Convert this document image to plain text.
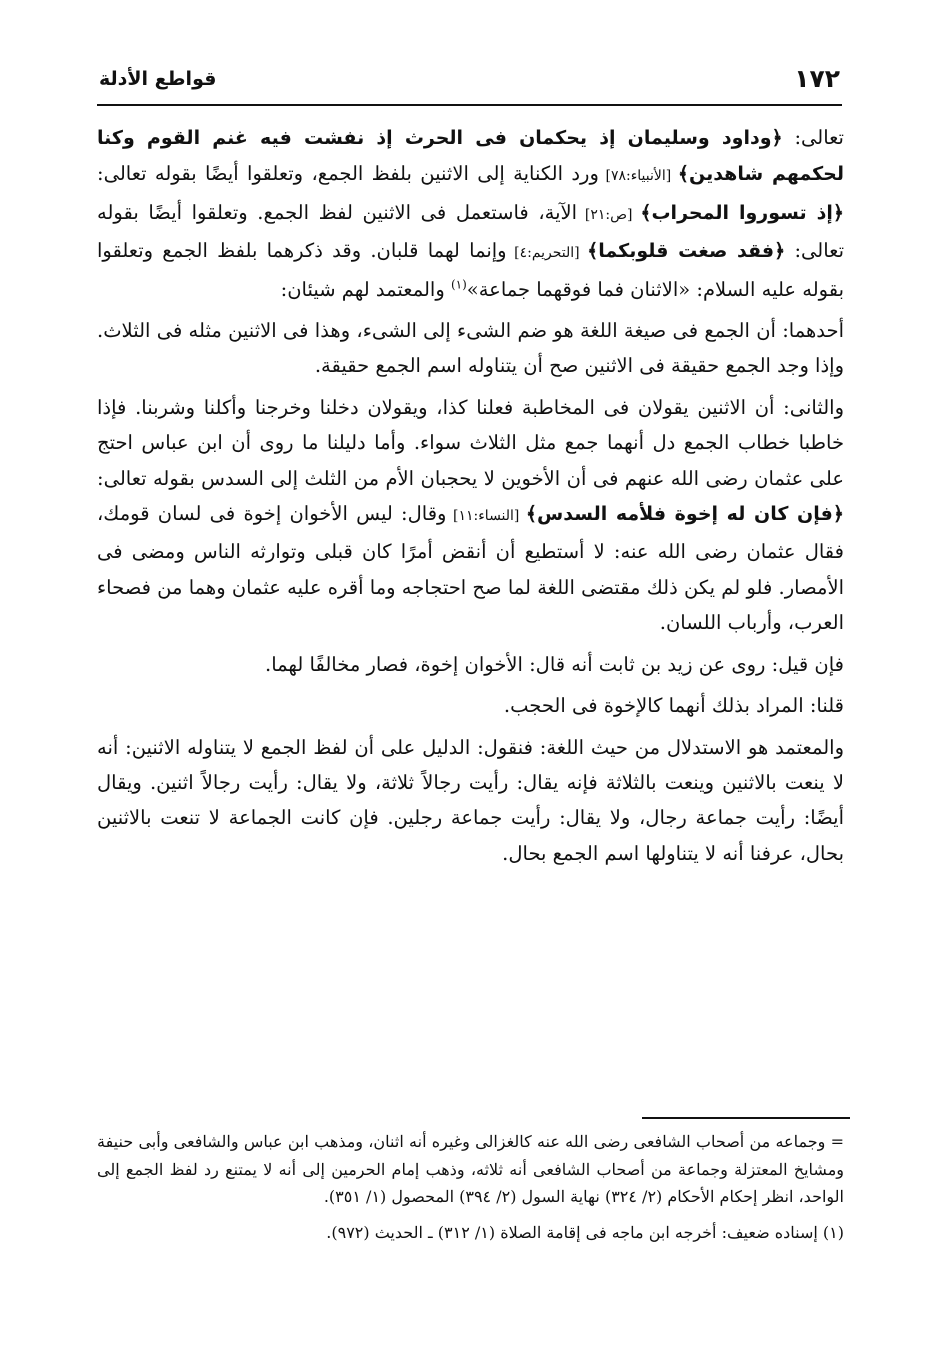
١٧٢
قواطع الأدلة

تعالى: ﴿وداود وسليمان إذ يحكمان فى الحرث إذ نفشت فيه غنم القوم وكنا لحكمهم شاهدين﴾ [الأنبياء:٧٨] ورد الكناية إلى الاثنين بلفظ الجمع، وتعلقوا أيضًا بقوله تعالى: ﴿إذ تسوروا المحراب﴾ [ص:٢١] الآية، فاستعمل فى الاثنين لفظ الجمع. وتعلقوا أيضًا بقوله تعالى: ﴿فقد صغت قلوبكما﴾ [التحريم:٤] وإنما لهما قلبان. وقد ذكرهما بلفظ الجمع وتعلقوا بقوله عليه السلام: «الاثنان فما فوقهما جماعة»$^{(١)}$ والمعتمد لهم شيئان:

أحدهما: أن الجمع فى صيغة اللغة هو ضم الشىء إلى الشىء، وهذا فى الاثنين مثله فى الثلاث. وإذا وجد الجمع حقيقة فى الاثنين صح أن يتناوله اسم الجمع حقيقة.

والثانى: أن الاثنين يقولان فى المخاطبة فعلنا كذا، ويقولان دخلنا وخرجنا وأكلنا وشربنا. فإذا خاطبا خطاب الجمع دل أنهما جمع مثل الثلاث سواء. وأما دليلنا ما روى أن ابن عباس احتج على عثمان رضى الله عنهم فى أن الأخوين لا يحجبان الأم من الثلث إلى السدس بقوله تعالى: ﴿فإن كان له إخوة فلأمه السدس﴾ [النساء:١١] وقال: ليس الأخوان إخوة فى لسان قومك، فقال عثمان رضى الله عنه: لا أستطيع أن أنقض أمرًا كان قبلى وتوارثه الناس ومضى فى الأمصار. فلو لم يكن ذلك مقتضى اللغة لما صح احتجاجه وما أقره عليه عثمان وهما من فصحاء العرب، وأرباب اللسان.

فإن قيل: روى عن زيد بن ثابت أنه قال: الأخوان إخوة، فصار مخالفًا لهما.

قلنا: المراد بذلك أنهما كالإخوة فى الحجب.

والمعتمد هو الاستدلال من حيث اللغة: فنقول: الدليل على أن لفظ الجمع لا يتناوله الاثنين: أنه لا ينعت بالاثنين وينعت بالثلاثة فإنه يقال: رأيت رجالاً ثلاثة، ولا يقال: رأيت رجالاً اثنين. ويقال أيضًا: رأيت جماعة رجال، ولا يقال: رأيت جماعة رجلين. فإن كانت الجماعة لا تنعت بالاثنين بحال، عرفنا أنه لا يتناولها اسم الجمع بحال.

= وجماعه من أصحاب الشافعى رضى الله عنه كالغزالى وغيره أنه اثنان، ومذهب ابن عباس والشافعى وأبى حنيفة ومشايخ المعتزلة وجماعة من أصحاب الشافعى أنه ثلاثه، وذهب إمام الحرمين إلى أنه لا يمتنع رد لفظ الجمع إلى الواحد، انظر إحكام الأحكام (٢/ ٣٢٤) نهاية السول (٢/ ٣٩٤) المحصول (١/ ٣٥١).

(١) إسناده ضعيف: أخرجه ابن ماجه فى إقامة الصلاة (١/ ٣١٢) ـ الحديث (٩٧٢).
